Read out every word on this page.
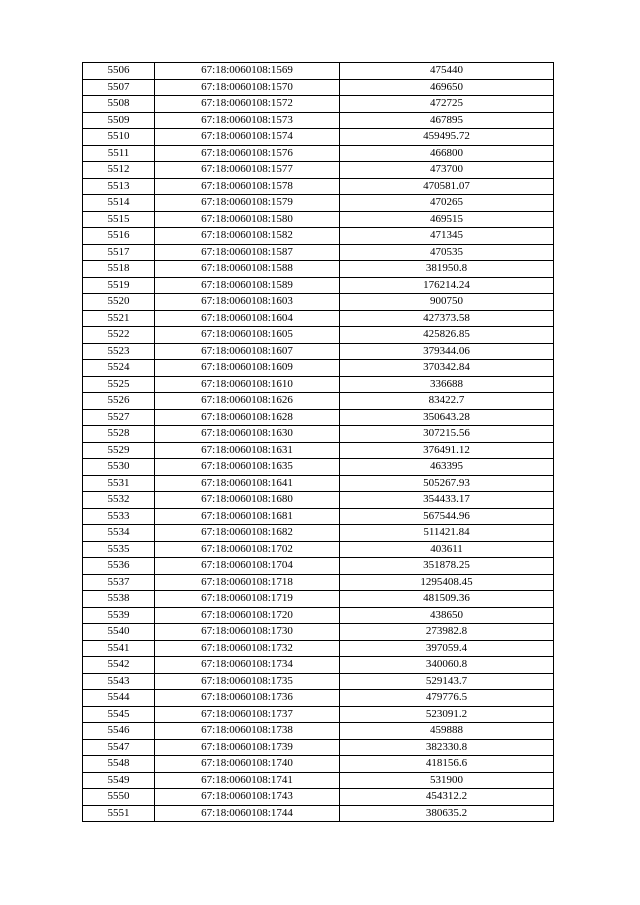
5506	67:18:0060108:1569	475440
5507	67:18:0060108:1570	469650
5508	67:18:0060108:1572	472725
5509	67:18:0060108:1573	467895
5510	67:18:0060108:1574	459495.72
5511	67:18:0060108:1576	466800
5512	67:18:0060108:1577	473700
5513	67:18:0060108:1578	470581.07
5514	67:18:0060108:1579	470265
5515	67:18:0060108:1580	469515
5516	67:18:0060108:1582	471345
5517	67:18:0060108:1587	470535
5518	67:18:0060108:1588	381950.8
5519	67:18:0060108:1589	176214.24
5520	67:18:0060108:1603	900750
5521	67:18:0060108:1604	427373.58
5522	67:18:0060108:1605	425826.85
5523	67:18:0060108:1607	379344.06
5524	67:18:0060108:1609	370342.84
5525	67:18:0060108:1610	336688
5526	67:18:0060108:1626	83422.7
5527	67:18:0060108:1628	350643.28
5528	67:18:0060108:1630	307215.56
5529	67:18:0060108:1631	376491.12
5530	67:18:0060108:1635	463395
5531	67:18:0060108:1641	505267.93
5532	67:18:0060108:1680	354433.17
5533	67:18:0060108:1681	567544.96
5534	67:18:0060108:1682	511421.84
5535	67:18:0060108:1702	403611
5536	67:18:0060108:1704	351878.25
5537	67:18:0060108:1718	1295408.45
5538	67:18:0060108:1719	481509.36
5539	67:18:0060108:1720	438650
5540	67:18:0060108:1730	273982.8
5541	67:18:0060108:1732	397059.4
5542	67:18:0060108:1734	340060.8
5543	67:18:0060108:1735	529143.7
5544	67:18:0060108:1736	479776.5
5545	67:18:0060108:1737	523091.2
5546	67:18:0060108:1738	459888
5547	67:18:0060108:1739	382330.8
5548	67:18:0060108:1740	418156.6
5549	67:18:0060108:1741	531900
5550	67:18:0060108:1743	454312.2
5551	67:18:0060108:1744	380635.2
